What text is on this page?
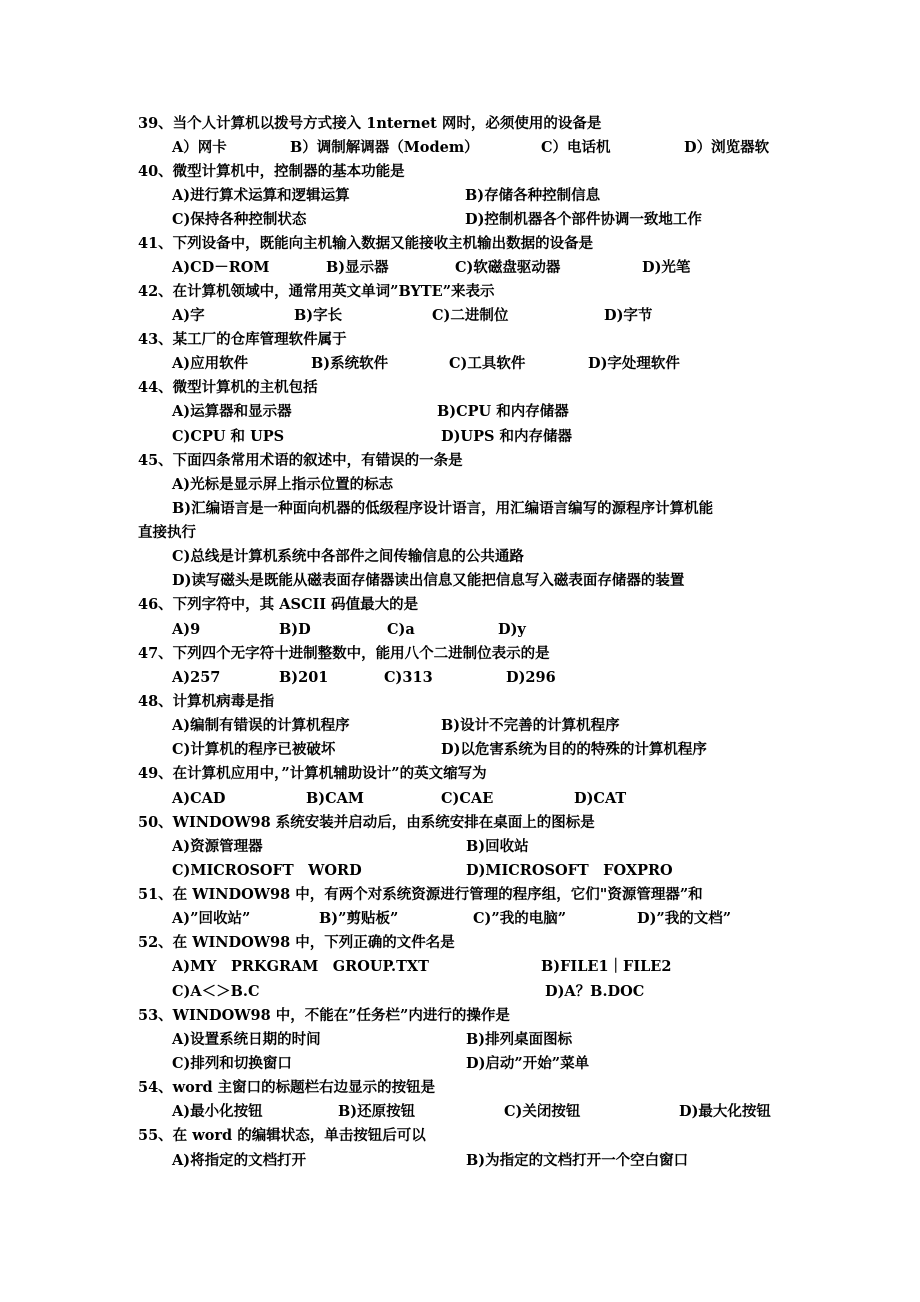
39、当个人计算机以拨号方式接入 1nternet 网时，必须使用的设备是
A）网卡	B）调制解调器（Modem）	C）电话机	D）浏览器软
40、微型计算机中，控制器的基本功能是
A)进行算术运算和逻辑运算	B)存储各种控制信息
C)保持各种控制状态	D)控制机器各个部件协调一致地工作
41、下列设备中，既能向主机输入数据又能接收主机输出数据的设备是
A)CD－ROM	B)显示器	C)软磁盘驱动器	D)光笔
42、在计算机领域中，通常用英文单词”BYTE”来表示
A)字	B)字长	C)二进制位	D)字节
43、某工厂的仓库管理软件属于
A)应用软件	B)系统软件	C)工具软件	D)字处理软件
44、微型计算机的主机包括
A)运算器和显示器	B)CPU 和内存储器
C)CPU 和 UPS	D)UPS 和内存储器
45、下面四条常用术语的叙述中，有错误的一条是
A)光标是显示屏上指示位置的标志
B)汇编语言是一种面向机器的低级程序设计语言，用汇编语言编写的源程序计算机能
直接执行
C)总线是计算机系统中各部件之间传输信息的公共通路
D)读写磁头是既能从磁表面存储器读出信息又能把信息写入磁表面存储器的装置
46、下列字符中，其 ASCII 码值最大的是
A)9	B)D	C)a	D)y
47、下列四个无字符十进制整数中，能用八个二进制位表示的是
A)257	B)201	C)313	D)296
48、计算机病毒是指
A)编制有错误的计算机程序	B)设计不完善的计算机程序
C)计算机的程序已被破坏	D)以危害系统为目的的特殊的计算机程序
49、在计算机应用中，”计算机辅助设计”的英文缩写为
A)CAD	B)CAM	C)CAE	D)CAT
50、WINDOW98 系统安装并启动后，由系统安排在桌面上的图标是
A)资源管理器	B)回收站
C)MICROSOFT　WORD	D)MICROSOFT　FOXPRO
51、在 WINDOW98 中，有两个对系统资源进行管理的程序组，它们"资源管理器”和
A)”回收站”	B)”剪贴板”	C)”我的电脑”	D)”我的文档”
52、在 WINDOW98 中，下列正确的文件名是
A)MY　PRKGRAM　GROUP.TXT	B)FILE1｜FILE2
C)A＜＞B.C	D)A？B.DOC
53、WINDOW98 中，不能在”任务栏”内进行的操作是
A)设置系统日期的时间	B)排列桌面图标
C)排列和切换窗口	D)启动”开始”菜单
54、word 主窗口的标题栏右边显示的按钮是
A)最小化按钮	B)还原按钮	C)关闭按钮	D)最大化按钮
55、在 word 的编辑状态，单击按钮后可以
A)将指定的文档打开	B)为指定的文档打开一个空白窗口
